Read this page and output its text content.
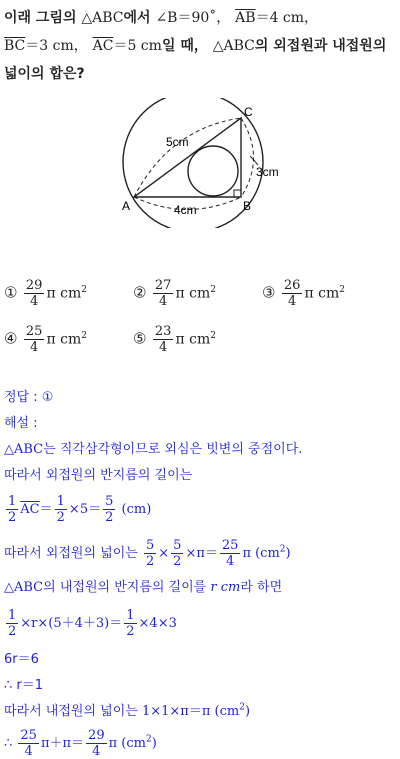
이래 그림의 △ABC에서 ∠B＝90˚， $\overline{AB}=4$ cm，
$\overline{BC}=3$ cm， $\overline{AC}=5$ cm일 때， △ABC의 외접원과 내접원의
넓이의 합은?
A	B
C
5cm
4cm
3cm
① $\frac{29}{4}$ π $cm^2$	② $\frac{27}{4}$ π $cm^2$	③ $\frac{26}{4}$ π $cm^2$
④ $\frac{25}{4}$ π $cm^2$	⑤ $\frac{23}{4}$ π $cm^2$
정답 : ①
해설 :
△ABC는 직각삼각형이므로 외심은 빗변의 중점이다.
따라서 외접원의 반지름의 길이는
$\frac{1}{2} \overline{AC}= \frac{1}{2} \times 5= \frac{5}{2} (cm)$
따라서 외접원의 넓이는 $\frac{5}{2} \times \frac{5}{2} \times\pi= \frac{25}{4}$ π $(cm^2)$
△ABC의 내접원의 반지름의 길이를 r cm라 하면
$\frac{1}{2} \times r\times(5+4+3)= \frac{1}{2} \times 4\times 3$
6r＝6
∴ r＝1
따라서 내접원의 넓이는 1×1×π＝π $(cm^2)$
∴ $\frac{25}{4} \pi+\pi= \frac{29}{4}$ π $(cm^2)$
